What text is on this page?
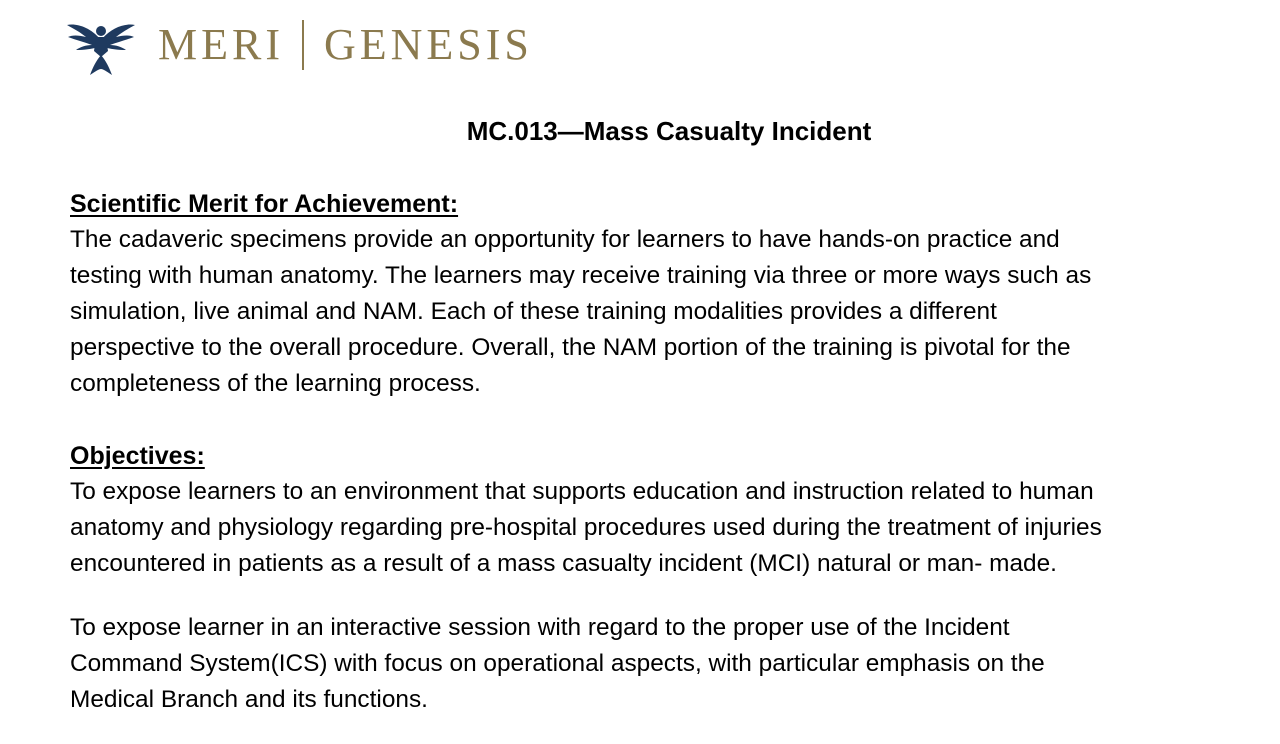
MERI GENESIS
MC.013—Mass Casualty Incident
Scientific Merit for Achievement:

The cadaveric specimens provide an opportunity for learners to have hands-on practice and
testing with human anatomy. The learners may receive training via three or more ways such as
simulation, live animal and NAM. Each of these training modalities provides a different
perspective to the overall procedure. Overall, the NAM portion of the training is pivotal for the
completeness of the learning process.

Objectives:

To expose learners to an environment that supports education and instruction related to human
anatomy and physiology regarding pre-hospital procedures used during the treatment of injuries
encountered in patients as a result of a mass casualty incident (MCI) natural or man- made.

To expose learner in an interactive session with regard to the proper use of the Incident
Command System(ICS) with focus on operational aspects, with particular emphasis on the
Medical Branch and its functions.
